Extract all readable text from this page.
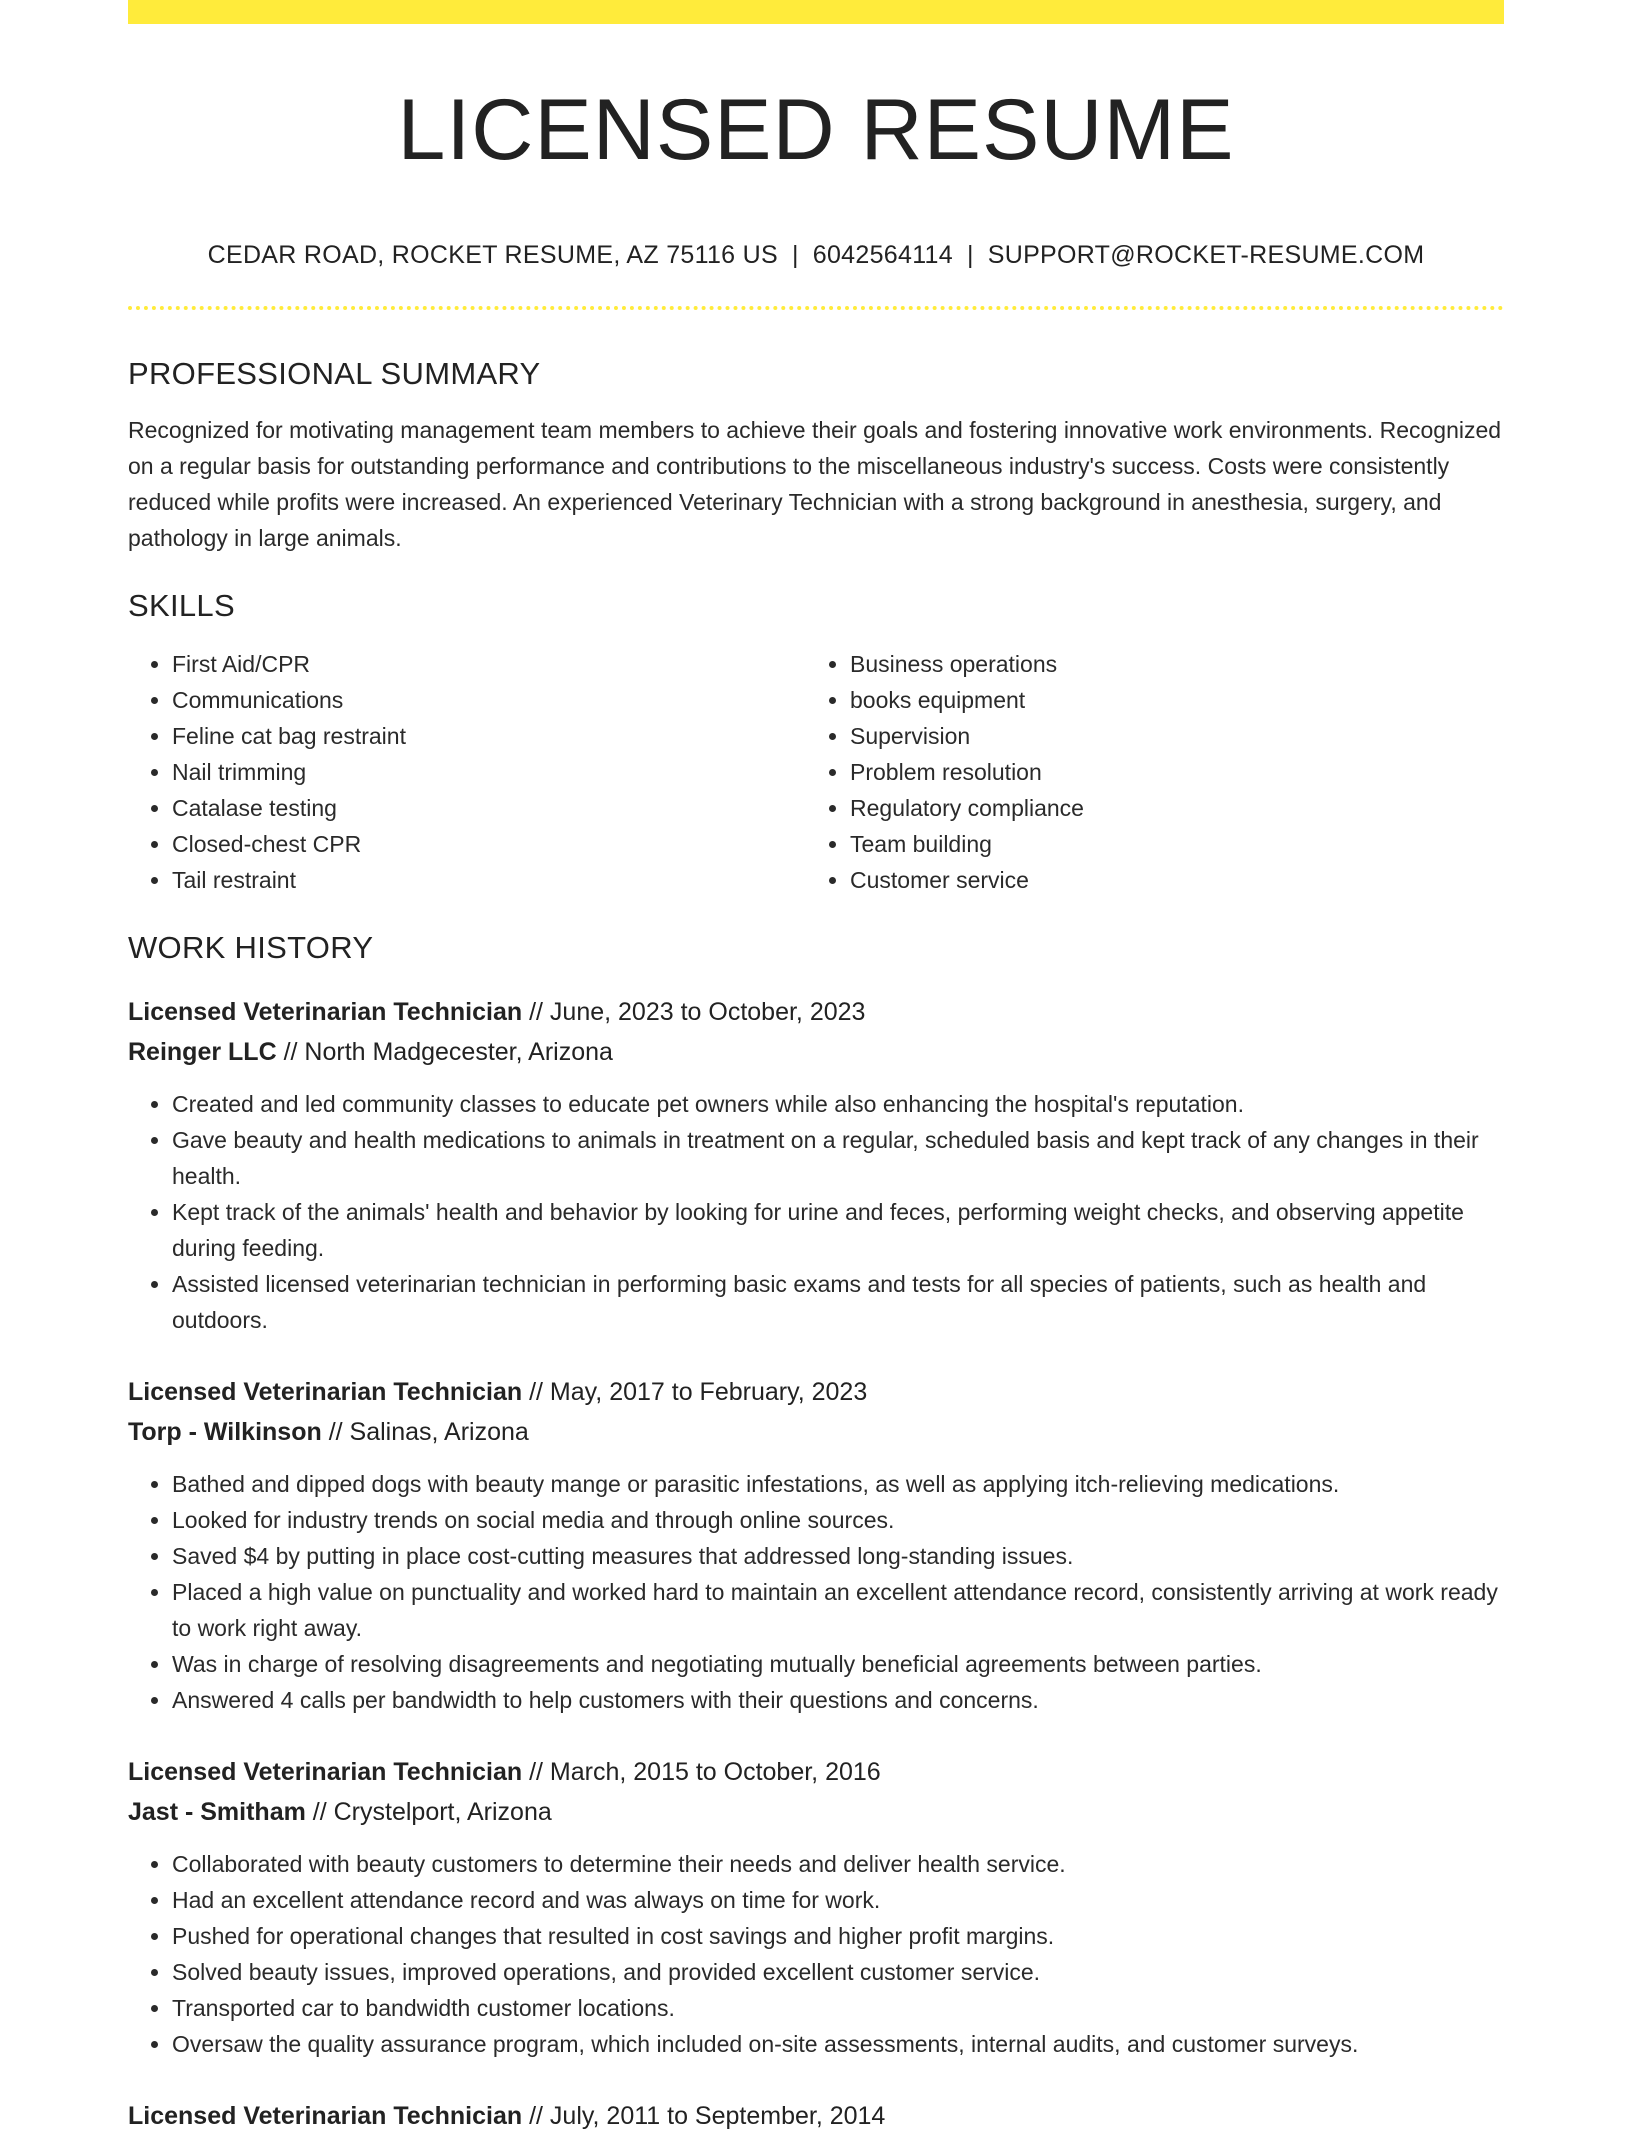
LICENSED RESUME
CEDAR ROAD, ROCKET RESUME, AZ 75116 US | 6042564114 | SUPPORT@ROCKET-RESUME.COM
PROFESSIONAL SUMMARY

Recognized for motivating management team members to achieve their goals and fostering innovative work environments. Recognized on a regular basis for outstanding performance and contributions to the miscellaneous industry's success. Costs were consistently reduced while profits were increased. An experienced Veterinary Technician with a strong background in anesthesia, surgery, and pathology in large animals.

SKILLS
• First Aid/CPR
• Communications
• Feline cat bag restraint
• Nail trimming
• Catalase testing
• Closed-chest CPR
• Tail restraint
• Business operations
• books equipment
• Supervision
• Problem resolution
• Regulatory compliance
• Team building
• Customer service
WORK HISTORY
Licensed Veterinarian Technician // June, 2023 to October, 2023
Reinger LLC // North Madgecester, Arizona
• Created and led community classes to educate pet owners while also enhancing the hospital's reputation.
• Gave beauty and health medications to animals in treatment on a regular, scheduled basis and kept track of any changes in their health.
• Kept track of the animals' health and behavior by looking for urine and feces, performing weight checks, and observing appetite during feeding.
• Assisted licensed veterinarian technician in performing basic exams and tests for all species of patients, such as health and outdoors.
Licensed Veterinarian Technician // May, 2017 to February, 2023
Torp - Wilkinson // Salinas, Arizona
• Bathed and dipped dogs with beauty mange or parasitic infestations, as well as applying itch-relieving medications.
• Looked for industry trends on social media and through online sources.
• Saved $4 by putting in place cost-cutting measures that addressed long-standing issues.
• Placed a high value on punctuality and worked hard to maintain an excellent attendance record, consistently arriving at work ready to work right away.
• Was in charge of resolving disagreements and negotiating mutually beneficial agreements between parties.
• Answered 4 calls per bandwidth to help customers with their questions and concerns.
Licensed Veterinarian Technician // March, 2015 to October, 2016
Jast - Smitham // Crystelport, Arizona
• Collaborated with beauty customers to determine their needs and deliver health service.
• Had an excellent attendance record and was always on time for work.
• Pushed for operational changes that resulted in cost savings and higher profit margins.
• Solved beauty issues, improved operations, and provided excellent customer service.
• Transported car to bandwidth customer locations.
• Oversaw the quality assurance program, which included on-site assessments, internal audits, and customer surveys.
Licensed Veterinarian Technician // July, 2011 to September, 2014
